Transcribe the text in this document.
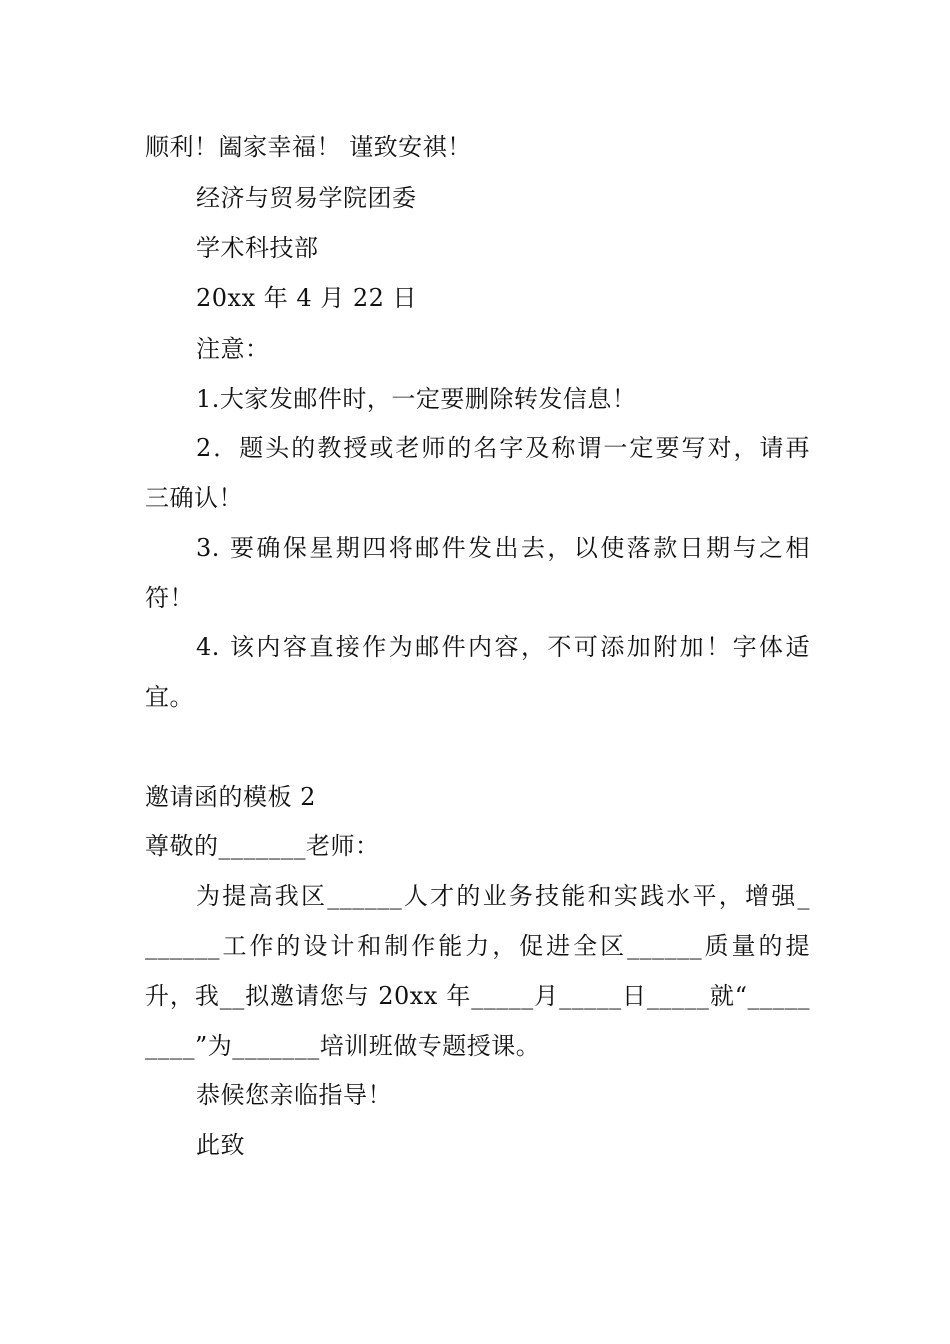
顺利！阖家幸福！ 谨致安祺！
经济与贸易学院团委
学术科技部
20xx 年 4 月 22 日
注意：
1.大家发邮件时，一定要删除转发信息！
2．题头的教授或老师的名字及称谓一定要写对，请再
三确认！
3. 要确保星期四将邮件发出去，以使落款日期与之相
符！
4. 该内容直接作为邮件内容，不可添加附加！字体适
宜。
邀请函的模板 2
尊敬的_______老师：
为提高我区______人才的业务技能和实践水平，增强_
______工作的设计和制作能力，促进全区______质量的提
升，我__拟邀请您与 20xx 年_____月_____日_____就“_____
____”为_______培训班做专题授课。
恭候您亲临指导！
此致
